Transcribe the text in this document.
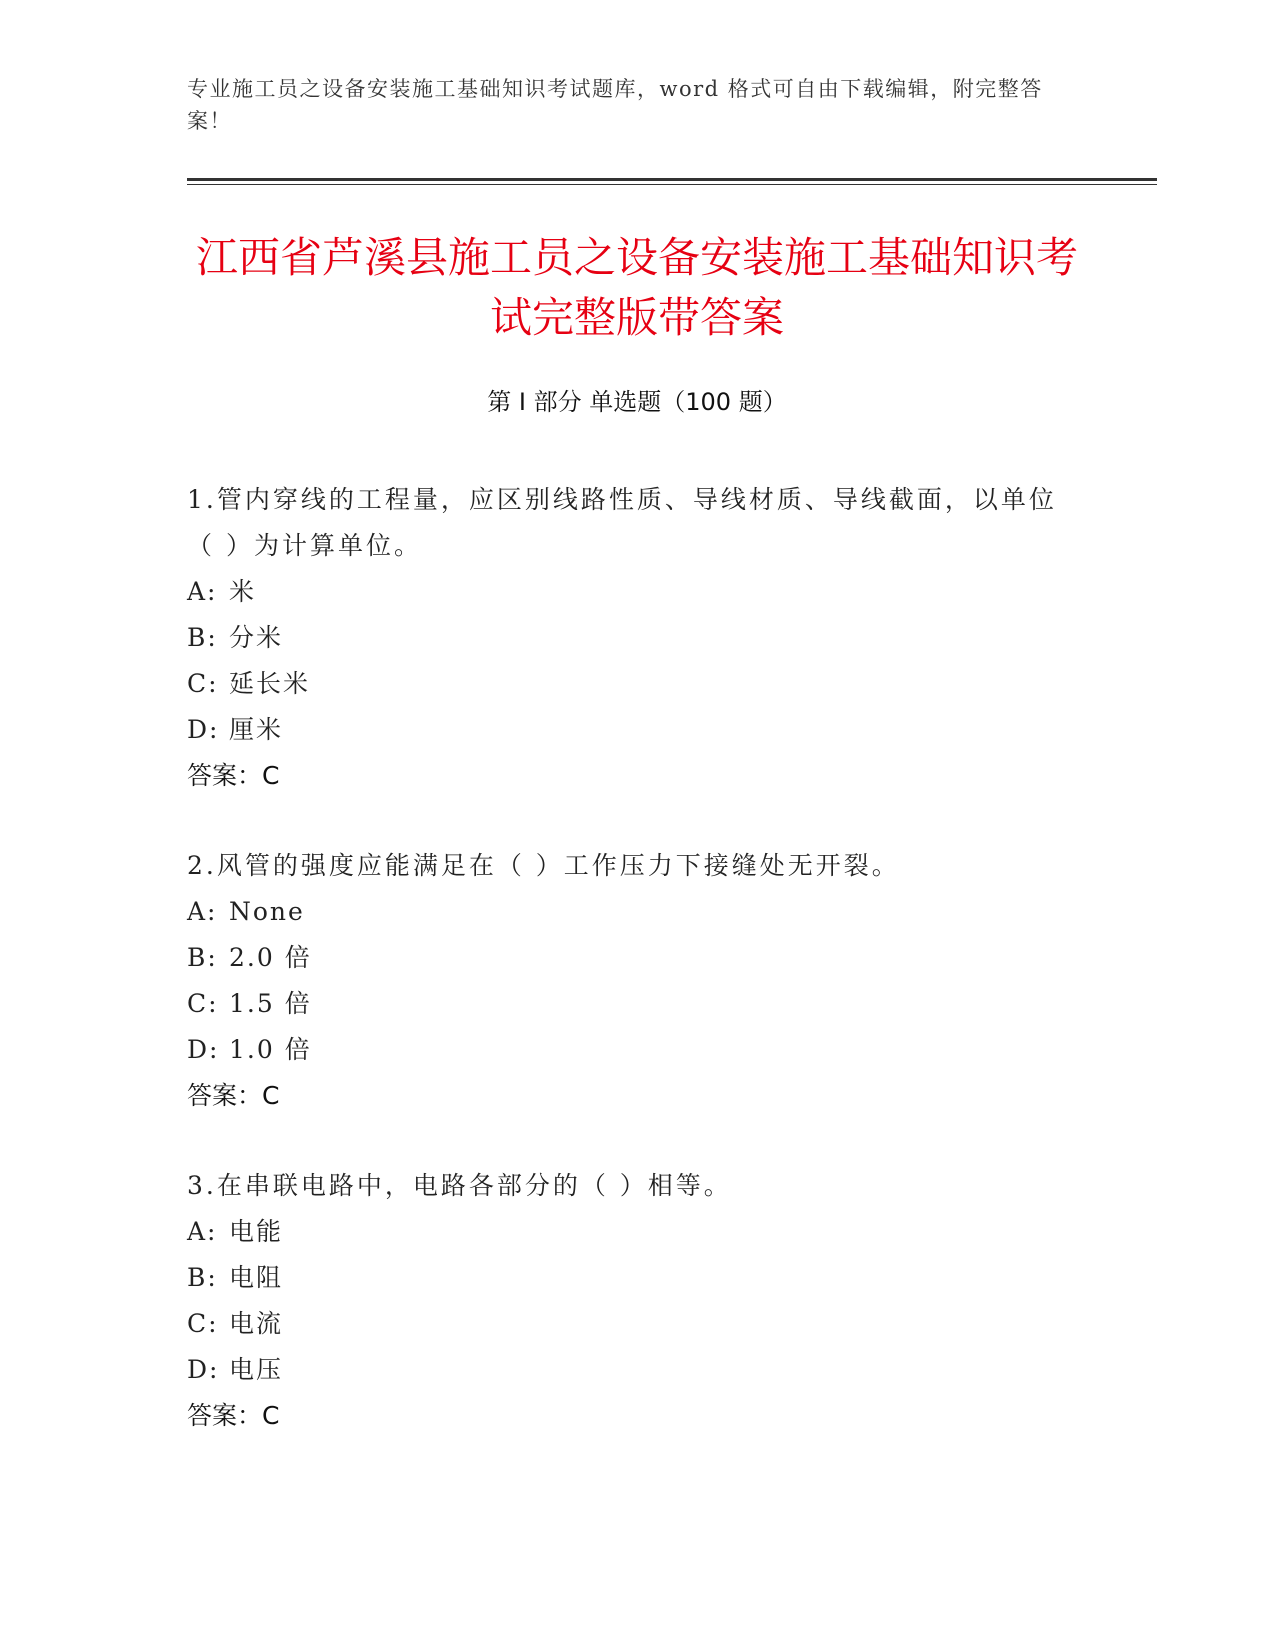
专业施工员之设备安装施工基础知识考试题库，word 格式可自由下载编辑，附完整答案！
江西省芦溪县施工员之设备安装施工基础知识考试完整版带答案
第 I 部分 单选题（100 题）
1.管内穿线的工程量，应区别线路性质、导线材质、导线截面，以单位（ ）为计算单位。
A: 米
B: 分米
C: 延长米
D: 厘米
答案：C
2.风管的强度应能满足在（ ）工作压力下接缝处无开裂。
A: None
B: 2.0 倍
C: 1.5 倍
D: 1.0 倍
答案：C
3.在串联电路中，电路各部分的（ ）相等。
A: 电能
B: 电阻
C: 电流
D: 电压
答案：C
